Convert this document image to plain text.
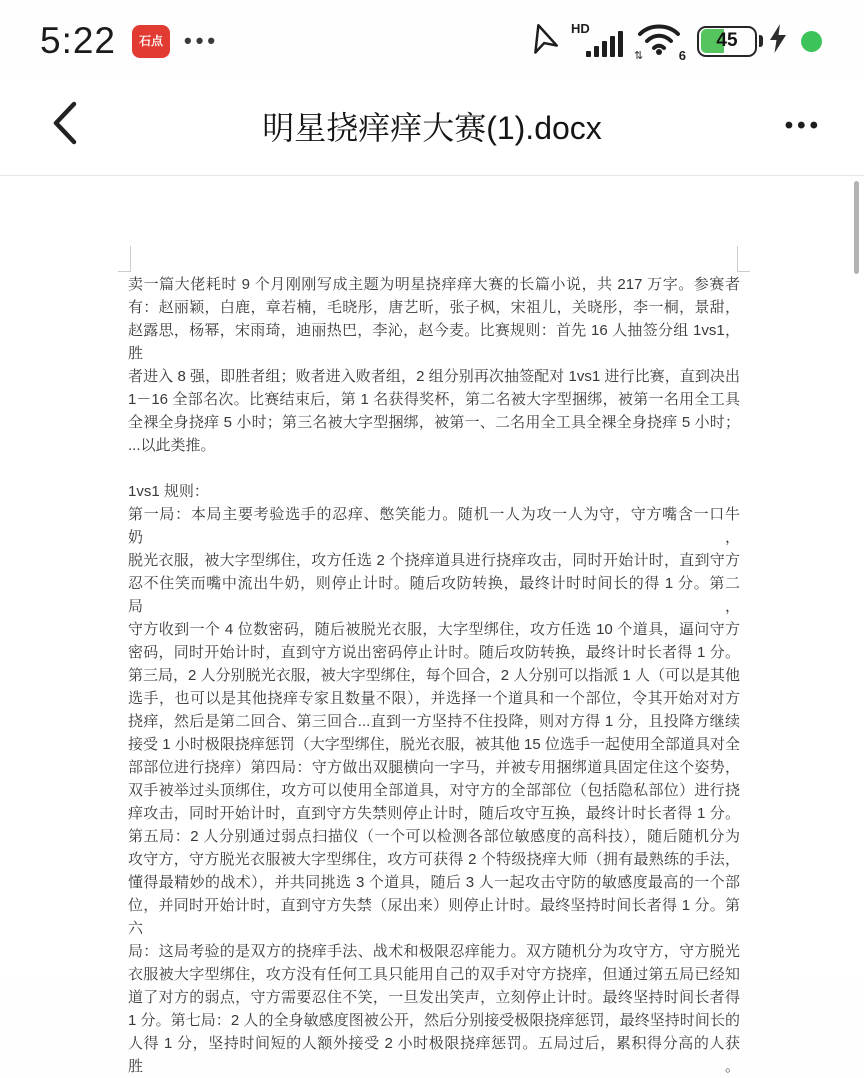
5:22	石点 •••	HD
⇅	6
45
明星挠痒痒大赛(1).docx	•••
卖一篇大佬耗时 9 个月刚刚写成主题为明星挠痒痒大赛的长篇小说，共 217 万字。参赛者
有：赵丽颖，白鹿，章若楠，毛晓彤，唐艺昕，张子枫，宋祖儿，关晓彤，李一桐，景甜，
赵露思，杨幂，宋雨琦，迪丽热巴，李沁，赵今麦。比赛规则：首先 16 人抽签分组 1vs1，胜
者进入 8 强，即胜者组；败者进入败者组，2 组分别再次抽签配对 1vs1 进行比赛，直到决出
1－16 全部名次。比赛结束后，第 1 名获得奖杯，第二名被大字型捆绑，被第一名用全工具
全裸全身挠痒 5 小时；第三名被大字型捆绑，被第一、二名用全工具全裸全身挠痒 5 小时；
...以此类推。
1vs1 规则：
第一局：本局主要考验选手的忍痒、憋笑能力。随机一人为攻一人为守，守方嘴含一口牛奶，
脱光衣服，被大字型绑住，攻方任选 2 个挠痒道具进行挠痒攻击，同时开始计时，直到守方
忍不住笑而嘴中流出牛奶，则停止计时。随后攻防转换，最终计时时间长的得 1 分。第二局，
守方收到一个 4 位数密码，随后被脱光衣服，大字型绑住，攻方任选 10 个道具，逼问守方
密码，同时开始计时，直到守方说出密码停止计时。随后攻防转换，最终计时长者得 1 分。
第三局，2 人分别脱光衣服，被大字型绑住，每个回合，2 人分别可以指派 1 人（可以是其他
选手，也可以是其他挠痒专家且数量不限），并选择一个道具和一个部位，令其开始对对方
挠痒，然后是第二回合、第三回合...直到一方坚持不住投降，则对方得 1 分，且投降方继续
接受 1 小时极限挠痒惩罚（大字型绑住，脱光衣服，被其他 15 位选手一起使用全部道具对全
部部位进行挠痒）第四局：守方做出双腿横向一字马，并被专用捆绑道具固定住这个姿势，
双手被举过头顶绑住，攻方可以使用全部道具，对守方的全部部位（包括隐私部位）进行挠
痒攻击，同时开始计时，直到守方失禁则停止计时，随后攻守互换，最终计时长者得 1 分。
第五局：2 人分别通过弱点扫描仪（一个可以检测各部位敏感度的高科技），随后随机分为
攻守方，守方脱光衣服被大字型绑住，攻方可获得 2 个特级挠痒大师（拥有最熟练的手法，
懂得最精妙的战术），并共同挑选 3 个道具，随后 3 人一起攻击守防的敏感度最高的一个部
位，并同时开始计时，直到守方失禁（尿出来）则停止计时。最终坚持时间长者得 1 分。第六
局：这局考验的是双方的挠痒手法、战术和极限忍痒能力。双方随机分为攻守方，守方脱光
衣服被大字型绑住，攻方没有任何工具只能用自己的双手对守方挠痒，但通过第五局已经知
道了对方的弱点，守方需要忍住不笑，一旦发出笑声，立刻停止计时。最终坚持时间长者得
1 分。第七局：2 人的全身敏感度图被公开，然后分别接受极限挠痒惩罚，最终坚持时间长的
人得 1 分，坚持时间短的人额外接受 2 小时极限挠痒惩罚。五局过后，累积得分高的人获胜。
